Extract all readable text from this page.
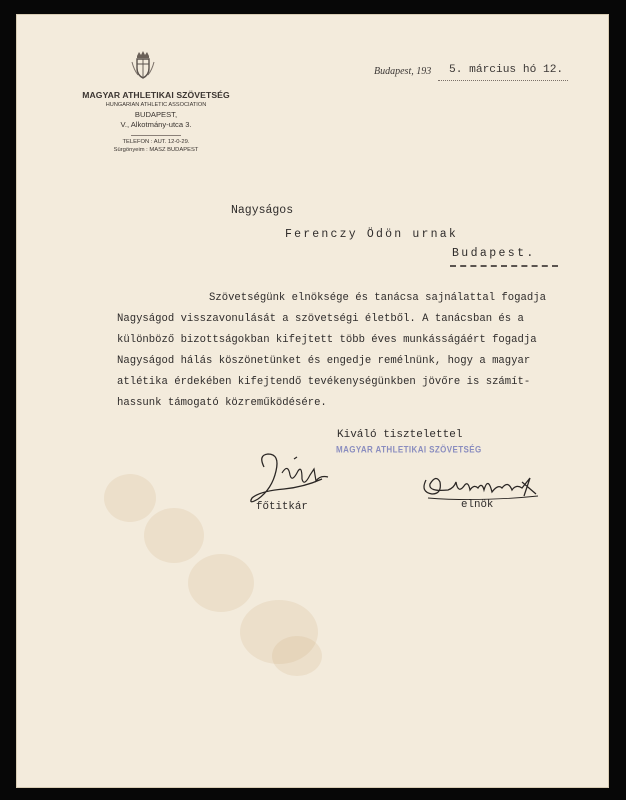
MAGYAR ATHLETIKAI SZÖVETSÉG
HUNGARIAN ATHLETIC ASSOCIATION
BUDAPEST,
V., Alkotmány-utca 3.
TELEFON : AUT. 12-0-29.
Sürgönyeim : MASZ BUDAPEST
Budapest, 193 5. március hó 12.
Nagyságos
Ferenczy Ödön urnak
Budapest.
Szövetségünk elnöksége és tanácsa sajnálattal fogadja
Nagyságod visszavonulását a szövetségi életből. A tanácsban és a
különböző bizottságokban kifejtett több éves munkásságáért fogadja
Nagyságod hálás köszönetünket és engedje remélnünk, hogy a magyar
atlétika érdekében kifejtendő tevékenységünkben jövőre is számít-
hassunk támogató közreműködésére.
Kiváló tisztelettel
MAGYAR ATHLETIKAI SZÖVETSÉG
főtitkár	elnök
